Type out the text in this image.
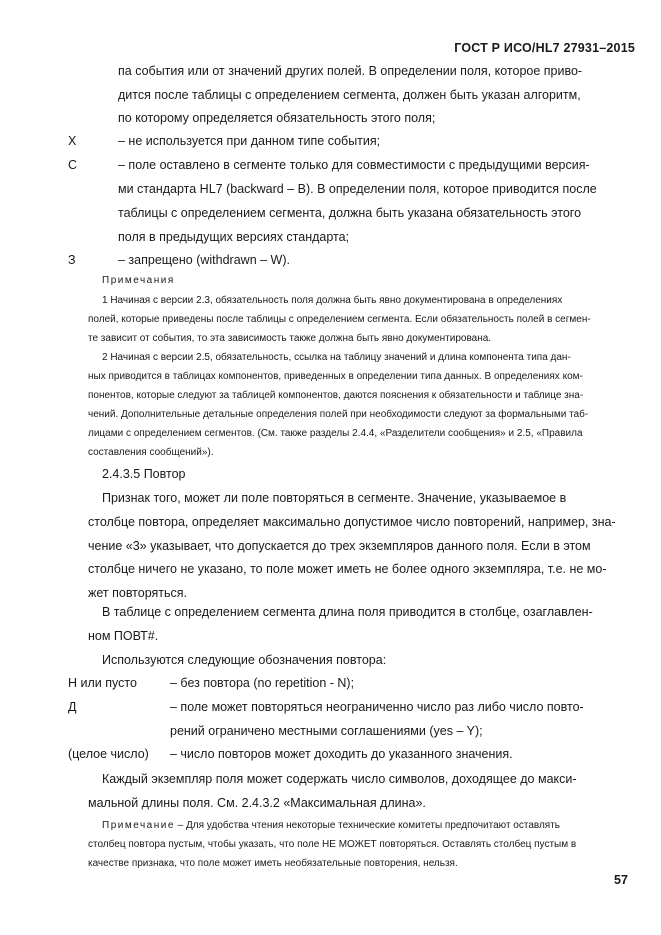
ГОСТ Р ИСО/HL7 27931–2015
па события или от значений других полей. В определении поля, которое приво-
дится после таблицы с определением сегмента, должен быть указан алгоритм,
по которому определяется обязательность этого поля;
X	– не используется при данном типе события;
С	– поле оставлено в сегменте только для совместимости с предыдущими версия-
ми стандарта HL7 (backward – В). В определении поля, которое приводится после
таблицы с определением сегмента, должна быть указана обязательность этого
поля в предыдущих версиях стандарта;
З	– запрещено (withdrawn – W).
Примечания
1 Начиная с версии 2.3, обязательность поля должна быть явно документирована в определениях
полей, которые приведены после таблицы с определением сегмента. Если обязательность полей в сегмен-
те зависит от события, то эта зависимость также должна быть явно документирована.
2 Начиная с версии 2.5, обязательность, ссылка на таблицу значений и длина компонента типа дан-
ных приводится в таблицах компонентов, приведенных в определении типа данных. В определениях ком-
понентов, которые следуют за таблицей компонентов, даются пояснения к обязательности и таблице зна-
чений. Дополнительные детальные определения полей при необходимости следуют за формальными таб-
лицами с определением сегментов. (См. также разделы 2.4.4, «Разделители сообщения» и 2.5, «Правила
составления сообщений»).
2.4.3.5 Повтор
Признак того, может ли поле повторяться в сегменте. Значение, указываемое в
столбце повтора, определяет максимально допустимое число повторений, например, зна-
чение «3» указывает, что допускается до трех экземпляров данного поля. Если в этом
столбце ничего не указано, то поле может иметь не более одного экземпляра, т.е. не мо-
жет повторяться.
В таблице с определением сегмента длина поля приводится в столбце, озаглавлен-
ном ПОВТ#.
Используются следующие обозначения повтора:
Н или пусто	– без повтора (no repetition - N);
Д	– поле может повторяться неограниченно число раз либо число повто-
рений ограничено местными соглашениями (yes – Y);
(целое число) – число повторов может доходить до указанного значения.
Каждый экземпляр поля может содержать число символов, доходящее до макси-
мальной длины поля. См. 2.4.3.2 «Максимальная длина».
Примечание – Для удобства чтения некоторые технические комитеты предпочитают оставлять
столбец повтора пустым, чтобы указать, что поле НЕ МОЖЕТ повторяться. Оставлять столбец пустым в
качестве признака, что поле может иметь необязательные повторения, нельзя.
57
